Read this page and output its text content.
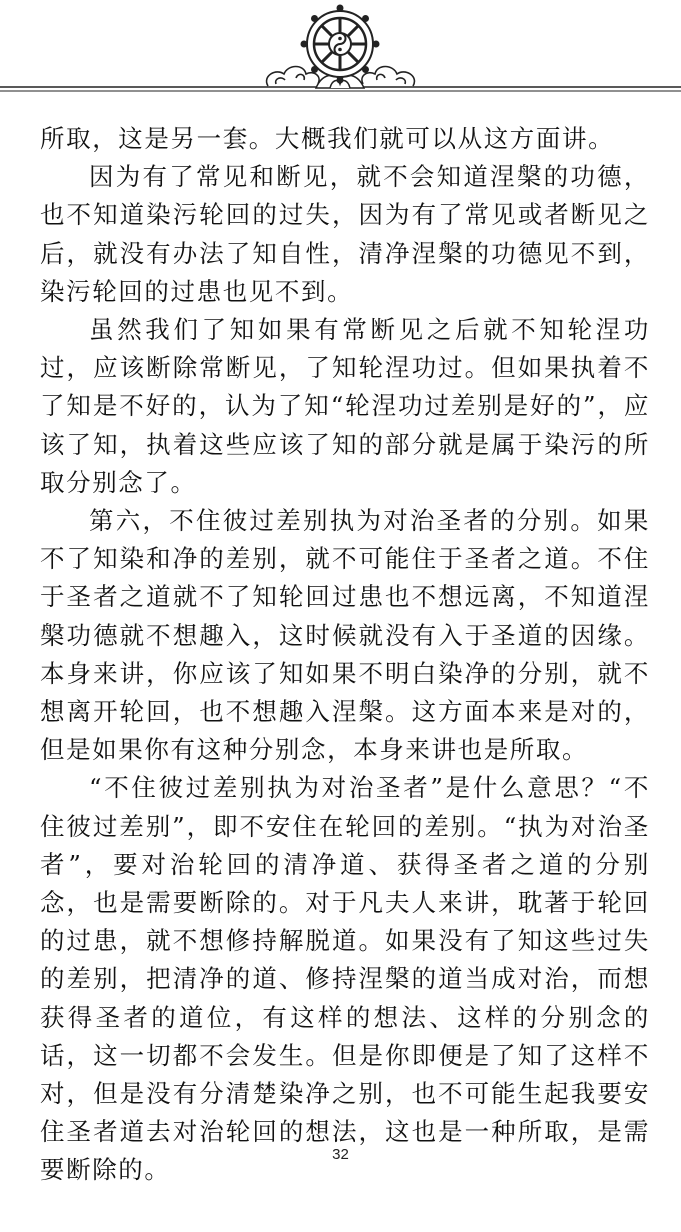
所取，这是另一套。大概我们就可以从这方面讲。

因为有了常见和断见，就不会知道涅槃的功德，也不知道染污轮回的过失，因为有了常见或者断见之后，就没有办法了知自性，清净涅槃的功德见不到，染污轮回的过患也见不到。

虽然我们了知如果有常断见之后就不知轮涅功过，应该断除常断见，了知轮涅功过。但如果执着不了知是不好的，认为了知“轮涅功过差别是好的”，应该了知，执着这些应该了知的部分就是属于染污的所取分别念了。

第六，不住彼过差别执为对治圣者的分别。如果不了知染和净的差别，就不可能住于圣者之道。不住于圣者之道就不了知轮回过患也不想远离，不知道涅槃功德就不想趣入，这时候就没有入于圣道的因缘。本身来讲，你应该了知如果不明白染净的分别，就不想离开轮回，也不想趣入涅槃。这方面本来是对的，但是如果你有这种分别念，本身来讲也是所取。

“不住彼过差别执为对治圣者”是什么意思？“不住彼过差别”，即不安住在轮回的差别。“执为对治圣者”，要对治轮回的清净道、获得圣者之道的分别念，也是需要断除的。对于凡夫人来讲，耽著于轮回的过患，就不想修持解脱道。如果没有了知这些过失的差别，把清净的道、修持涅槃的道当成对治，而想获得圣者的道位，有这样的想法、这样的分别念的话，这一切都不会发生。但是你即便是了知了这样不对，但是没有分清楚染净之别，也不可能生起我要安住圣者道去对治轮回的想法，这也是一种所取，是需要断除的。

32
